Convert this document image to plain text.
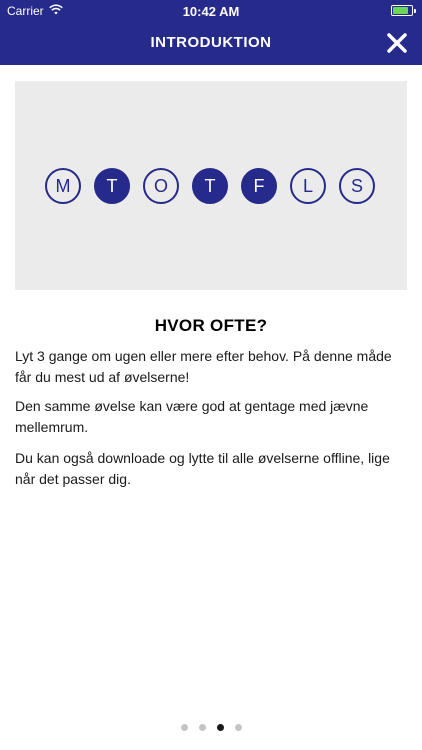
Carrier	10:42 AM
INTRODUKTION
M	T	O	T	F	L	S
HVOR OFTE?

Lyt 3 gange om ugen eller mere efter behov. På denne måde får du mest ud af øvelserne!

Den samme øvelse kan være god at gentage med jævne mellemrum.

Du kan også downloade og lytte til alle øvelserne offline, lige når det passer dig.
